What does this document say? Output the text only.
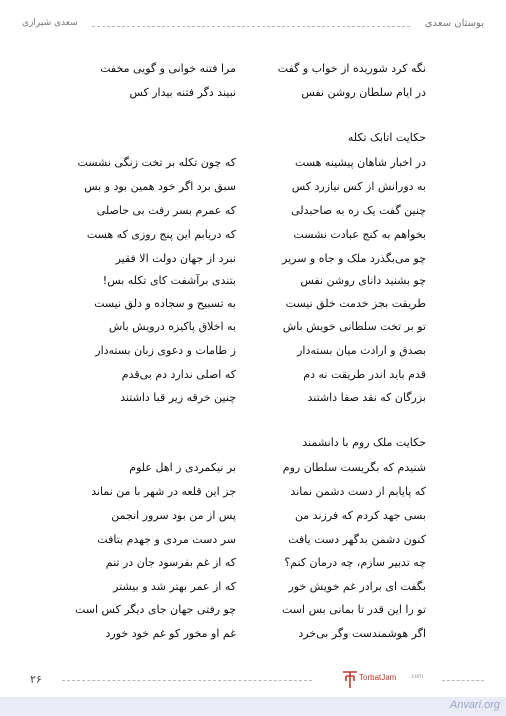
بوستان سعدی
سعدی شیرازی
نگه کرد شوریده از خواب و گفت
مرا فتنه خوانی و گویی مخفت
در ایام سلطان روشن نفس
نبیند دگر فتنه بیدار کس
حکایت اتابک تکله
در اخبار شاهان پیشینه هست
که چون تکله بر تخت زنگی نشست
به دورانش از کس نیازرد کس
سبق برد اگر خود همین بود و بس
چنین گفت یک ره به صاحبدلی
که عمرم بسر رفت بی حاصلی
بخواهم به کنج عبادت نشست
که دریابم این پنج روزی که هست
چو می‌بگذرد ملک و جاه و سریر
نبرد از جهان دولت الا فقیر
چو بشنید دانای روشن نفس
بتندی برآشفت کای تکله بس!
طریقت بجز خدمت خلق نیست
به تسبیح و سجاده و دلق نیست
تو بر تخت سلطانی خویش باش
به اخلاق پاکیزه درویش باش
بصدق و ارادت میان بسته‌دار
ز طامات و دعوی زبان بسته‌دار
قدم باید اندر طریقت نه دم
که اصلی ندارد دم بی‌قدم
بزرگان که نقد صفا داشتند
چنین خرقه زیر قبا داشتند
حکایت ملک روم با دانشمند
شنیدم که بگریست سلطان روم
بر نیکمردی ز اهل علوم
که پایابم از دست دشمن نماند
جز این قلعه در شهر با من نماند
بسی جهد کردم که فرزند من
پس از من بود سرور انجمن
کنون دشمن بدگهر دست یافت
سر دست مردی و جهدم بتافت
چه تدبیر سازم، چه درمان کنم؟
که از غم بفرسود جان در تنم
بگفت ای برادر غم خویش خور
که از عمر بهتر شد و بیشتر
تو را این قدر تا بمانی بس است
چو رفتی جهان جای دیگر کس است
اگر هوشمندست وگر بی‌خرد
غم او مخور کو غم خود خورد
۲۶	TorbatJam .com
Anvari.org
